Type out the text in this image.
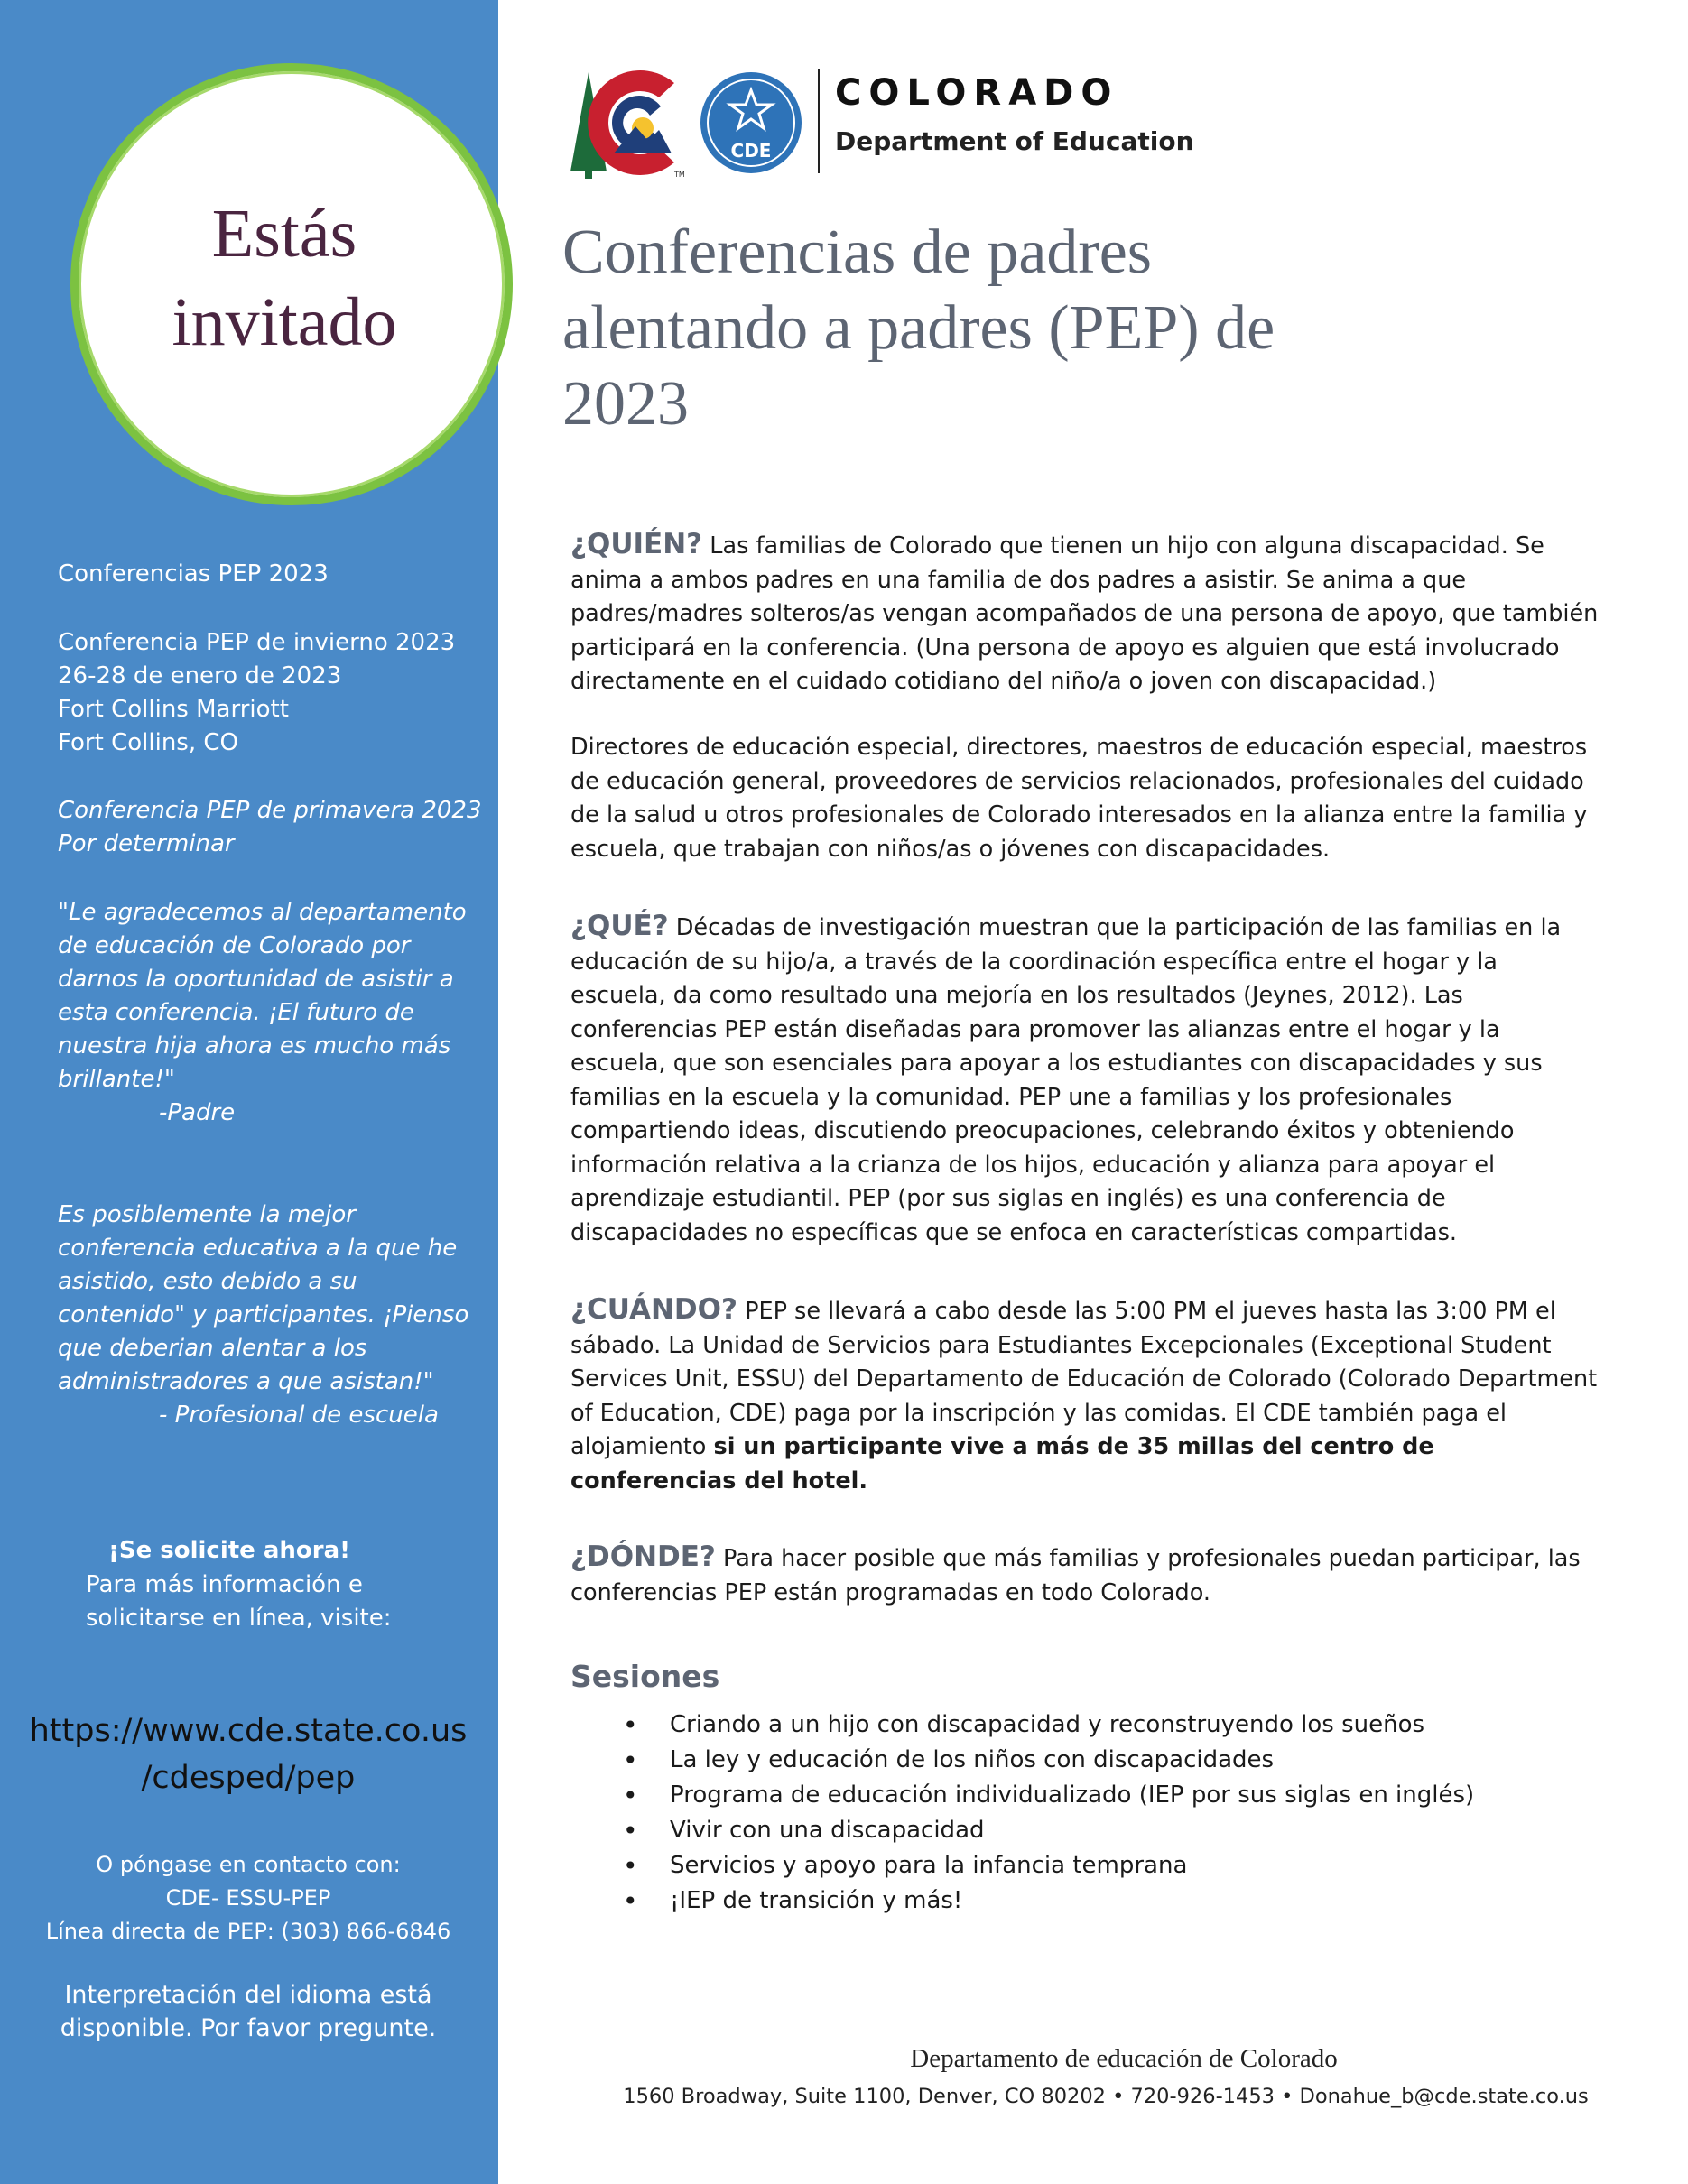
Estás
invitado

Conferencias PEP 2023

Conferencia PEP de invierno 2023

26-28 de enero de 2023

Fort Collins Marriott

Fort Collins, CO

Conferencia PEP de primavera 2023

Por determinar

"Le agradecemos al departamento

de educación de Colorado por

darnos la oportunidad de asistir a

esta conferencia. ¡El futuro de

nuestra hija ahora es mucho más

brillante!"

-Padre

Es posiblemente la mejor

conferencia educativa a la que he

asistido, esto debido a su

contenido" y participantes. ¡Pienso

que deberian alentar a los

administradores a que asistan!"

- Profesional de escuela

¡Se solicite ahora!

Para más información e

solicitarse en línea, visite:

https://www.cde.state.co.us
/cdesped/pep

O póngase en contacto con:

CDE- ESSU-PEP

Línea directa de PEP: (303) 866-6846

Interpretación del idioma está

disponible. Por favor pregunte.

TM
CDE
COLORADO
Department of Education
Conferencias de padres
alentando a padres (PEP) de
2023

¿QUIÉN? Las familias de Colorado que tienen un hijo con alguna discapacidad. Se anima a ambos padres en una familia de dos padres a asistir. Se anima a que padres/madres solteros/as vengan acompañados de una persona de apoyo, que también participará en la conferencia. (Una persona de apoyo es alguien que está involucrado directamente en el cuidado cotidiano del niño/a o joven con discapacidad.)

Directores de educación especial, directores, maestros de educación especial, maestros de educación general, proveedores de servicios relacionados, profesionales del cuidado de la salud u otros profesionales de Colorado interesados en la alianza entre la familia y escuela, que trabajan con niños/as o jóvenes con discapacidades.

¿QUÉ? Décadas de investigación muestran que la participación de las familias en la educación de su hijo/a, a través de la coordinación específica entre el hogar y la escuela, da como resultado una mejoría en los resultados (Jeynes, 2012). Las conferencias PEP están diseñadas para promover las alianzas entre el hogar y la escuela, que son esenciales para apoyar a los estudiantes con discapacidades y sus familias en la escuela y la comunidad. PEP une a familias y los profesionales compartiendo ideas, discutiendo preocupaciones, celebrando éxitos y obteniendo información relativa a la crianza de los hijos, educación y alianza para apoyar el aprendizaje estudiantil. PEP (por sus siglas en inglés) es una conferencia de discapacidades no específicas que se enfoca en características compartidas.

¿CUÁNDO? PEP se llevará a cabo desde las 5:00 PM el jueves hasta las 3:00 PM el sábado. La Unidad de Servicios para Estudiantes Excepcionales (Exceptional Student Services Unit, ESSU) del Departamento de Educación de Colorado (Colorado Department of Education, CDE) paga por la inscripción y las comidas. El CDE también paga el alojamiento si un participante vive a más de 35 millas del centro de conferencias del hotel.

¿DÓNDE? Para hacer posible que más familias y profesionales puedan participar, las conferencias PEP están programadas en todo Colorado.

Sesiones
• Criando a un hijo con discapacidad y reconstruyendo los sueños
• La ley y educación de los niños con discapacidades
• Programa de educación individualizado (IEP por sus siglas en inglés)
• Vivir con una discapacidad
• Servicios y apoyo para la infancia temprana
• ¡IEP de transición y más!
Departamento de educación de Colorado
1560 Broadway, Suite 1100, Denver, CO 80202 • 720-926-1453 • Donahue_b@cde.state.co.us
